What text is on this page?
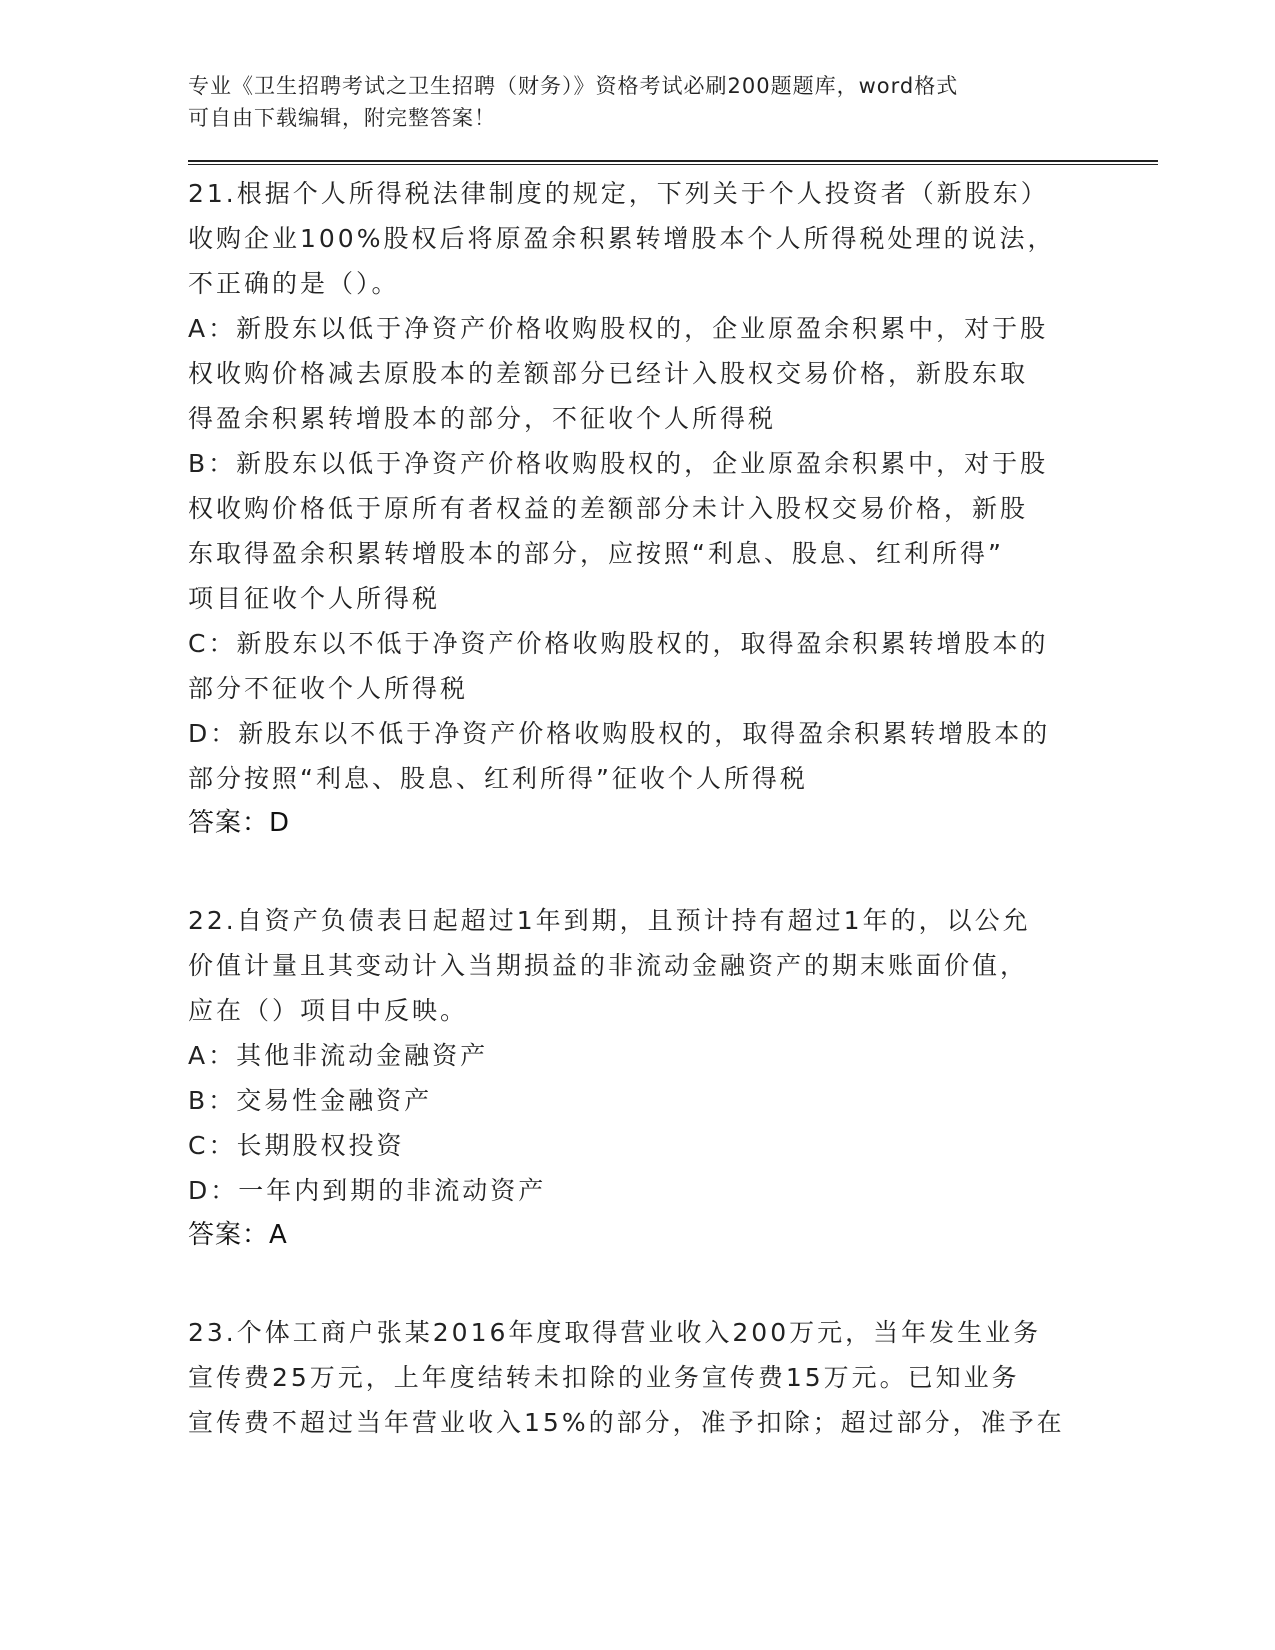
专业《卫生招聘考试之卫生招聘（财务）》资格考试必刷200题题库，word格式
可自由下载编辑，附完整答案！
21.根据个人所得税法律制度的规定，下列关于个人投资者（新股东）
收购企业100%股权后将原盈余积累转增股本个人所得税处理的说法，
不正确的是（）。
A：新股东以低于净资产价格收购股权的，企业原盈余积累中，对于股
权收购价格减去原股本的差额部分已经计入股权交易价格，新股东取
得盈余积累转增股本的部分，不征收个人所得税
B：新股东以低于净资产价格收购股权的，企业原盈余积累中，对于股
权收购价格低于原所有者权益的差额部分未计入股权交易价格，新股
东取得盈余积累转增股本的部分，应按照“利息、股息、红利所得”
项目征收个人所得税
C：新股东以不低于净资产价格收购股权的，取得盈余积累转增股本的
部分不征收个人所得税
D：新股东以不低于净资产价格收购股权的，取得盈余积累转增股本的
部分按照“利息、股息、红利所得”征收个人所得税
答案：D
22.自资产负债表日起超过1年到期，且预计持有超过1年的，以公允
价值计量且其变动计入当期损益的非流动金融资产的期末账面价值，
应在（）项目中反映。
A：其他非流动金融资产
B：交易性金融资产
C：长期股权投资
D：一年内到期的非流动资产
答案：A
23.个体工商户张某2016年度取得营业收入200万元，当年发生业务
宣传费25万元，上年度结转未扣除的业务宣传费15万元。已知业务
宣传费不超过当年营业收入15%的部分，准予扣除；超过部分，准予在
